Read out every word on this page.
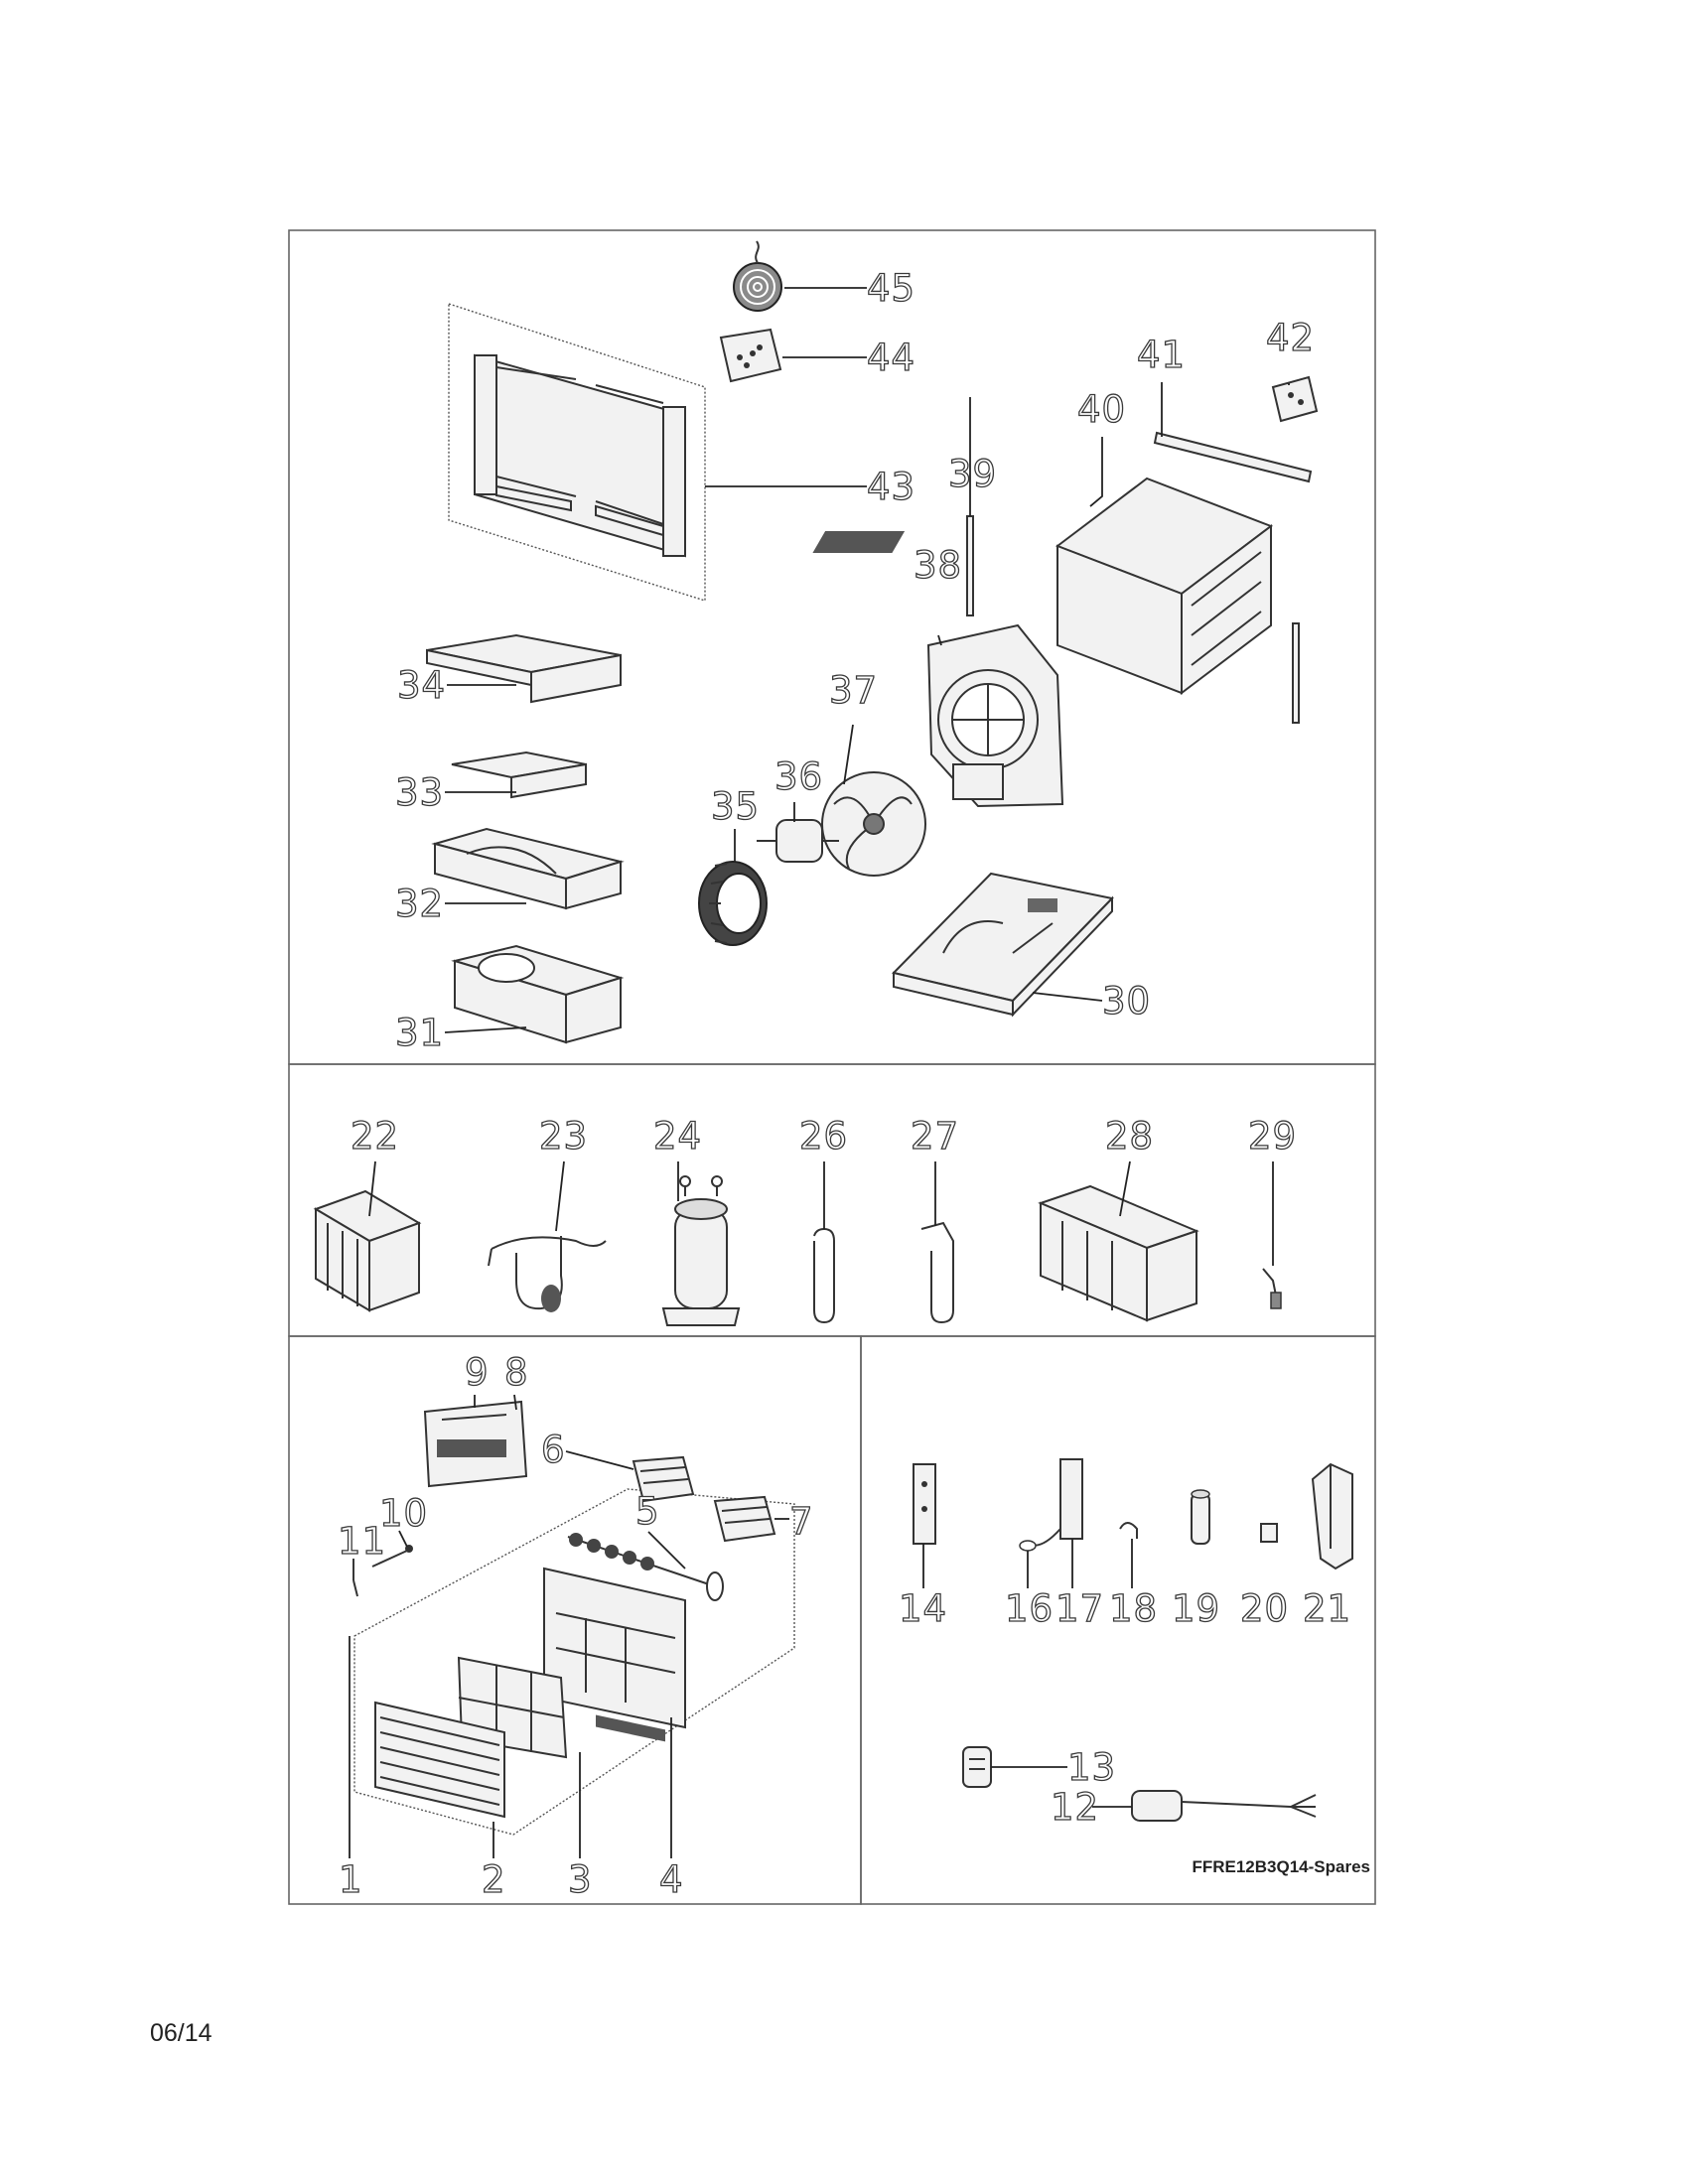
45
44
43
42
41
40
39
38
37
36
35
34
33
32
31
30
22	23 24	26 27	28	29
9 8
6
5	7
11
10
1	2 3 4
14 16 17 18 19 20 21
13
12
FFRE12B3Q14-Spares
06/14
